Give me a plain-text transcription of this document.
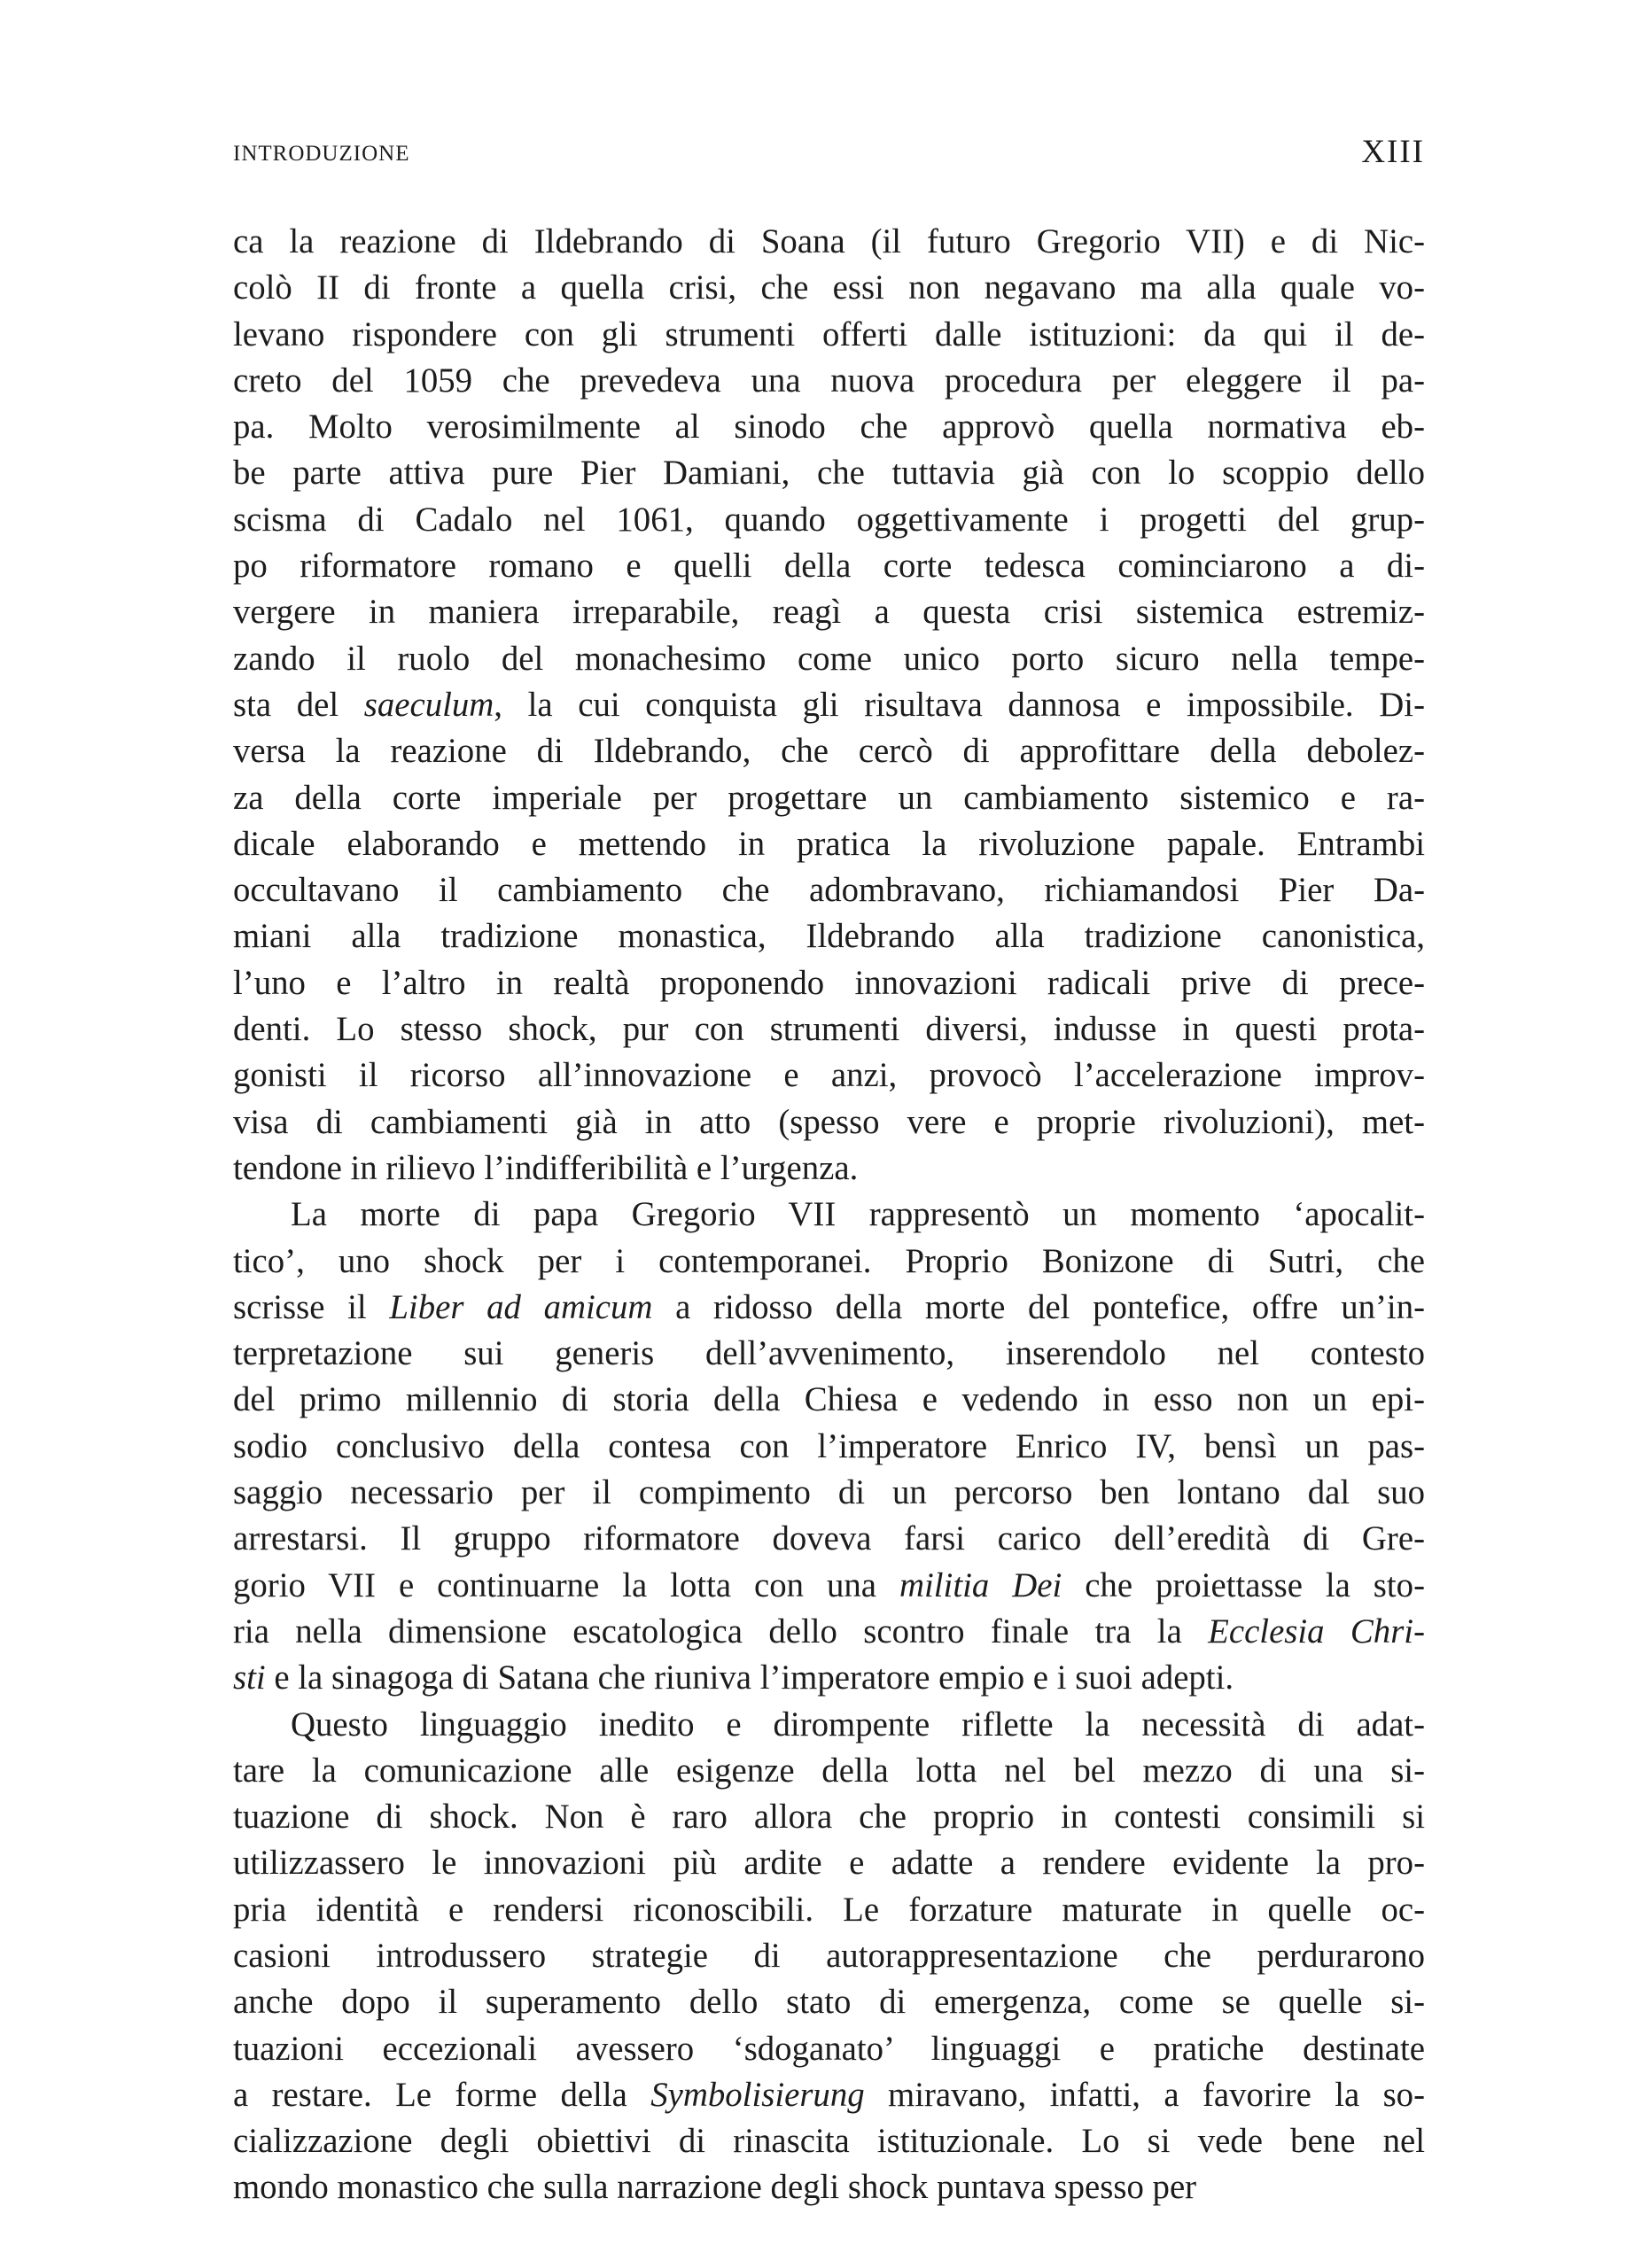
INTRODUZIONE	XIII
ca la reazione di Ildebrando di Soana (il futuro Gregorio VII) e di Nic-
colò II di fronte a quella crisi, che essi non negavano ma alla quale vo-
levano rispondere con gli strumenti offerti dalle istituzioni: da qui il de-
creto del 1059 che prevedeva una nuova procedura per eleggere il pa-
pa. Molto verosimilmente al sinodo che approvò quella normativa eb-
be parte attiva pure Pier Damiani, che tuttavia già con lo scoppio dello
scisma di Cadalo nel 1061, quando oggettivamente i progetti del grup-
po riformatore romano e quelli della corte tedesca cominciarono a di-
vergere in maniera irreparabile, reagì a questa crisi sistemica estremiz-
zando il ruolo del monachesimo come unico porto sicuro nella tempe-
sta del saeculum, la cui conquista gli risultava dannosa e impossibile. Di-
versa la reazione di Ildebrando, che cercò di approfittare della debolez-
za della corte imperiale per progettare un cambiamento sistemico e ra-
dicale elaborando e mettendo in pratica la rivoluzione papale. Entrambi
occultavano il cambiamento che adombravano, richiamandosi Pier Da-
miani alla tradizione monastica, Ildebrando alla tradizione canonistica,
l’uno e l’altro in realtà proponendo innovazioni radicali prive di prece-
denti. Lo stesso shock, pur con strumenti diversi, indusse in questi prota-
gonisti il ricorso all’innovazione e anzi, provocò l’accelerazione improv-
visa di cambiamenti già in atto (spesso vere e proprie rivoluzioni), met-
tendone in rilievo l’indifferibilità e l’urgenza.
La morte di papa Gregorio VII rappresentò un momento ‘apocalit-
tico’, uno shock per i contemporanei. Proprio Bonizone di Sutri, che
scrisse il Liber ad amicum a ridosso della morte del pontefice, offre un’in-
terpretazione sui generis dell’avvenimento, inserendolo nel contesto
del primo millennio di storia della Chiesa e vedendo in esso non un epi-
sodio conclusivo della contesa con l’imperatore Enrico IV, bensì un pas-
saggio necessario per il compimento di un percorso ben lontano dal suo
arrestarsi. Il gruppo riformatore doveva farsi carico dell’eredità di Gre-
gorio VII e continuarne la lotta con una militia Dei che proiettasse la sto-
ria nella dimensione escatologica dello scontro finale tra la Ecclesia Chri-
sti e la sinagoga di Satana che riuniva l’imperatore empio e i suoi adepti.
Questo linguaggio inedito e dirompente riflette la necessità di adat-
tare la comunicazione alle esigenze della lotta nel bel mezzo di una si-
tuazione di shock. Non è raro allora che proprio in contesti consimili si
utilizzassero le innovazioni più ardite e adatte a rendere evidente la pro-
pria identità e rendersi riconoscibili. Le forzature maturate in quelle oc-
casioni introdussero strategie di autorappresentazione che perdurarono
anche dopo il superamento dello stato di emergenza, come se quelle si-
tuazioni eccezionali avessero ‘sdoganato’ linguaggi e pratiche destinate
a restare. Le forme della Symbolisierung miravano, infatti, a favorire la so-
cializzazione degli obiettivi di rinascita istituzionale. Lo si vede bene nel
mondo monastico che sulla narrazione degli shock puntava spesso per
